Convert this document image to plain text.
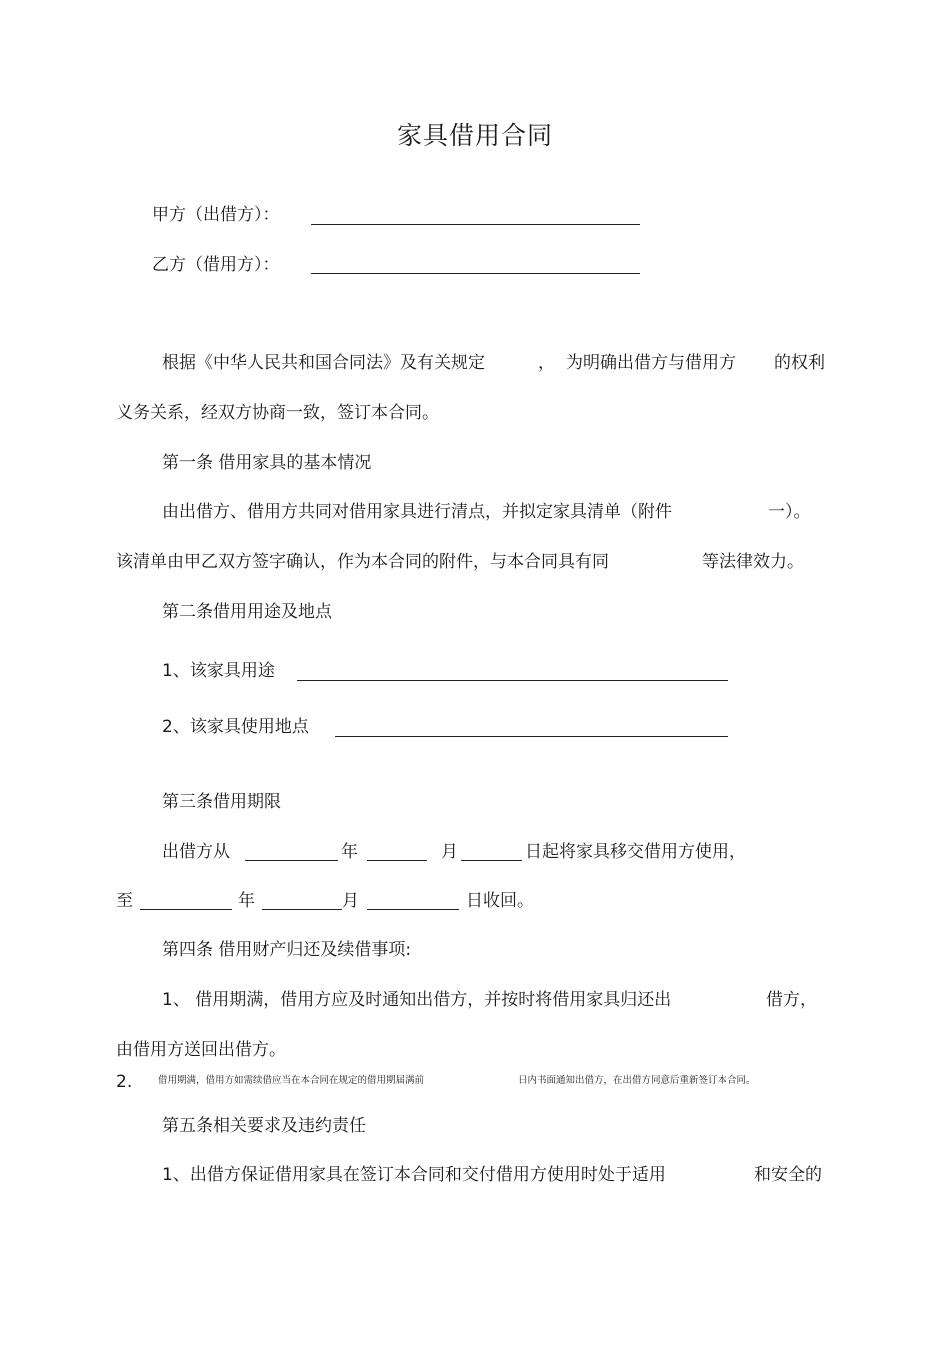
家具借用合同
甲方（出借方）：
乙方（借用方）：
根据《中华人民共和国合同法》及有关规定	， 为明确出借方与借用方 的权利
义务关系，经双方协商一致，签订本合同。
第一条 借用家具的基本情况
由出借方、借用方共同对借用家具进行清点，并拟定家具清单（附件	一）。
该清单由甲乙双方签字确认，作为本合同的附件，与本合同具有同	等法律效力。
第二条借用用途及地点
1、该家具用途
2、该家具使用地点
第三条借用期限
出借方从	年	月	日起将家具移交借用方使用，
至	年	月	日收回。
第四条 借用财产归还及续借事项:
1、 借用期满，借用方应及时通知出借方，并按时将借用家具归还出	借方，
由借用方送回出借方。
2.	借用期满，借用方如需续借应当在本合同在规定的借用期届满前	日内书面通知出借方，在出借方同意后重新签订本合同。
第五条相关要求及违约责任
1、出借方保证借用家具在签订本合同和交付借用方使用时处于适用	和安全的
